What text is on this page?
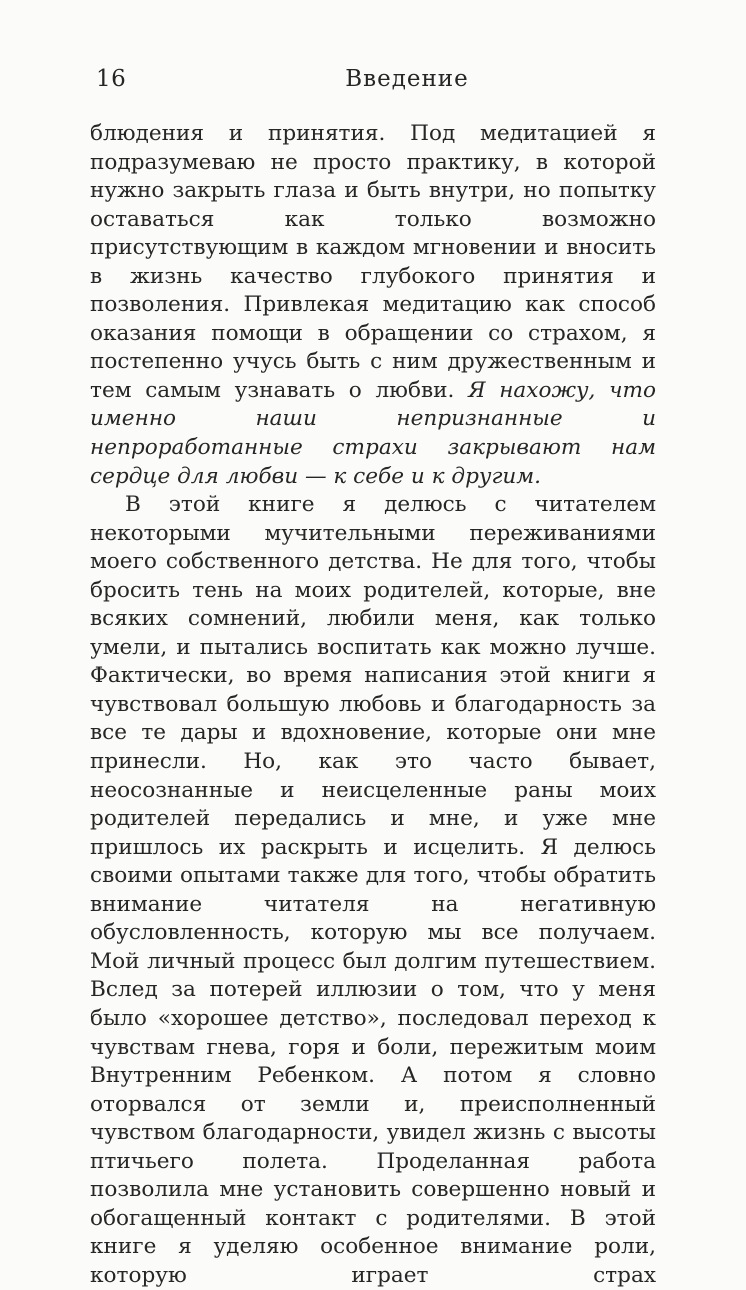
16	Введение

блюдения и принятия. Под медитацией я подразумеваю не просто практику, в которой нужно закрыть глаза и быть внутри, но попытку оставаться как только возможно присутствующим в каждом мгновении и вносить в жизнь качество глубокого принятия и позволения. Привлекая медитацию как способ оказания помощи в обращении со страхом, я постепенно учусь быть с ним дружественным и тем самым узнавать о любви. Я нахожу, что именно наши непризнанные и непроработанные страхи закрывают нам сердце для любви — к себе и к другим.

В этой книге я делюсь с читателем некоторыми мучительными переживаниями моего собственного детства. Не для того, чтобы бросить тень на моих родителей, которые, вне всяких сомнений, любили меня, как только умели, и пытались воспитать как можно лучше. Фактически, во время написания этой книги я чувствовал большую любовь и благодарность за все те дары и вдохновение, которые они мне принесли. Но, как это часто бывает, неосознанные и неисцеленные раны моих родителей передались и мне, и уже мне пришлось их раскрыть и исцелить. Я делюсь своими опытами также для того, чтобы обратить внимание читателя на негативную обусловленность, которую мы все получаем. Мой личный процесс был долгим путешествием. Вслед за потерей иллюзии о том, что у меня было «хорошее детство», последовал переход к чувствам гнева, горя и боли, пережитым моим Внутренним Ребенком. А потом я словно оторвался от земли и, преисполненный чувством благодарности, увидел жизнь с высоты птичьего полета. Проделанная работа позволила мне установить совершенно новый и обогащенный контакт с родителями. В этой книге я уделяю особенное внимание роли, которую играет страх
